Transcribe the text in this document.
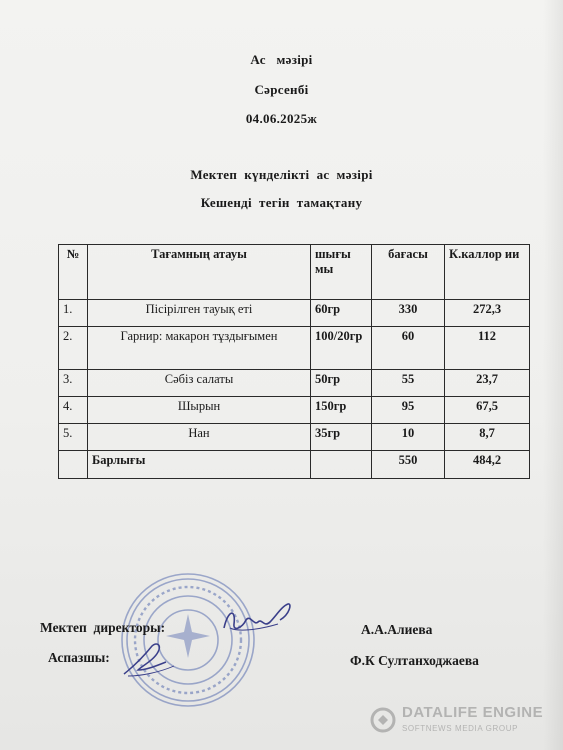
Ас   мәзірі
Сәрсенбі
04.06.2025ж
Мектеп  күнделікті  ас  мәзірі
Кешенді  тегін  тамақтану
№	Тағамның атауы	шығы мы	бағасы	К.каллор ии
1.	Пісірілген тауық еті	60гр	330	272,3
2.	Гарнир: макарон тұздығымен	100/20гр	60	112
3.	Сәбіз салаты	50гр	55	23,7
4.	Шырын	150гр	95	67,5
5.	Нан	35гр	10	8,7
	Барлығы		550	484,2
Мектеп  директоры:	А.А.Алиева
Аспазшы:	Ф.К Султанходжаева
DATALIFE ENGINE
SOFTNEWS MEDIA GROUP
